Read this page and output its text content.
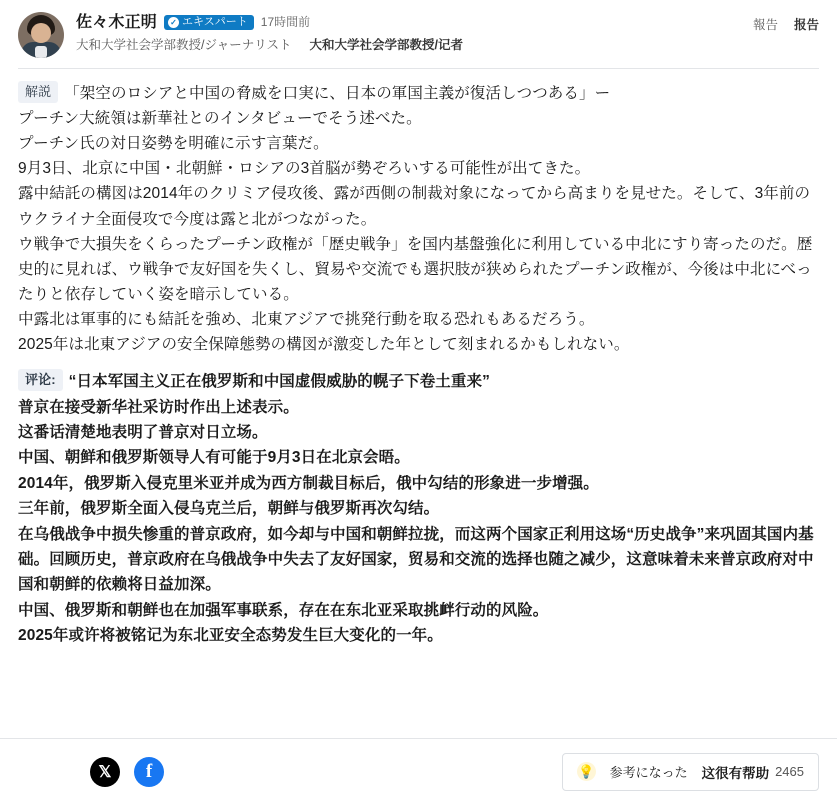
佐々木正明 ✓ エキスパート 17時間前
大和大学社会学部教授/ジャーナリスト 大和大学社会学部教授/记者
報告 报告

解説 「架空のロシアと中国の脅威を口実に、日本の軍国主義が復活しつつある」ー

プーチン大統領は新華社とのインタビューでそう述べた。

プーチン氏の対日姿勢を明確に示す言葉だ。

9月3日、北京に中国・北朝鮮・ロシアの3首脳が勢ぞろいする可能性が出てきた。

露中結託の構図は2014年のクリミア侵攻後、露が西側の制裁対象になってから高まりを見せた。そして、3年前のウクライナ全面侵攻で今度は露と北がつながった。

ウ戦争で大損失をくらったプーチン政権が「歴史戦争」を国内基盤強化に利用している中北にすり寄ったのだ。歴史的に見れば、ウ戦争で友好国を失くし、貿易や交流でも選択肢が狭められたプーチン政権が、今後は中北にべったりと依存していく姿を暗示している。

中露北は軍事的にも結託を強め、北東アジアで挑発行動を取る恐れもあるだろう。

2025年は北東アジアの安全保障態勢の構図が激変した年として刻まれるかもしれない。

评论: “日本军国主义正在俄罗斯和中国虚假威胁的幌子下卷土重来”

普京在接受新华社采访时作出上述表示。

这番话清楚地表明了普京对日立场。

中国、朝鲜和俄罗斯领导人有可能于9月3日在北京会晤。

2014年，俄罗斯入侵克里米亚并成为西方制裁目标后，俄中勾结的形象进一步增强。

三年前，俄罗斯全面入侵乌克兰后，朝鲜与俄罗斯再次勾结。

在乌俄战争中损失惨重的普京政府，如今却与中国和朝鲜拉拢，而这两个国家正利用这场“历史战争”来巩固其国内基础。回顾历史，普京政府在乌俄战争中失去了友好国家，贸易和交流的选择也随之减少，这意味着未来普京政府对中国和朝鲜的依赖将日益加深。

中国、俄罗斯和朝鲜也在加强军事联系，存在在东北亚采取挑衅行动的风险。

2025年或许将被铭记为东北亚安全态势发生巨大变化的一年。

𝕏	f	💡 参考になった 这很有帮助 2465
